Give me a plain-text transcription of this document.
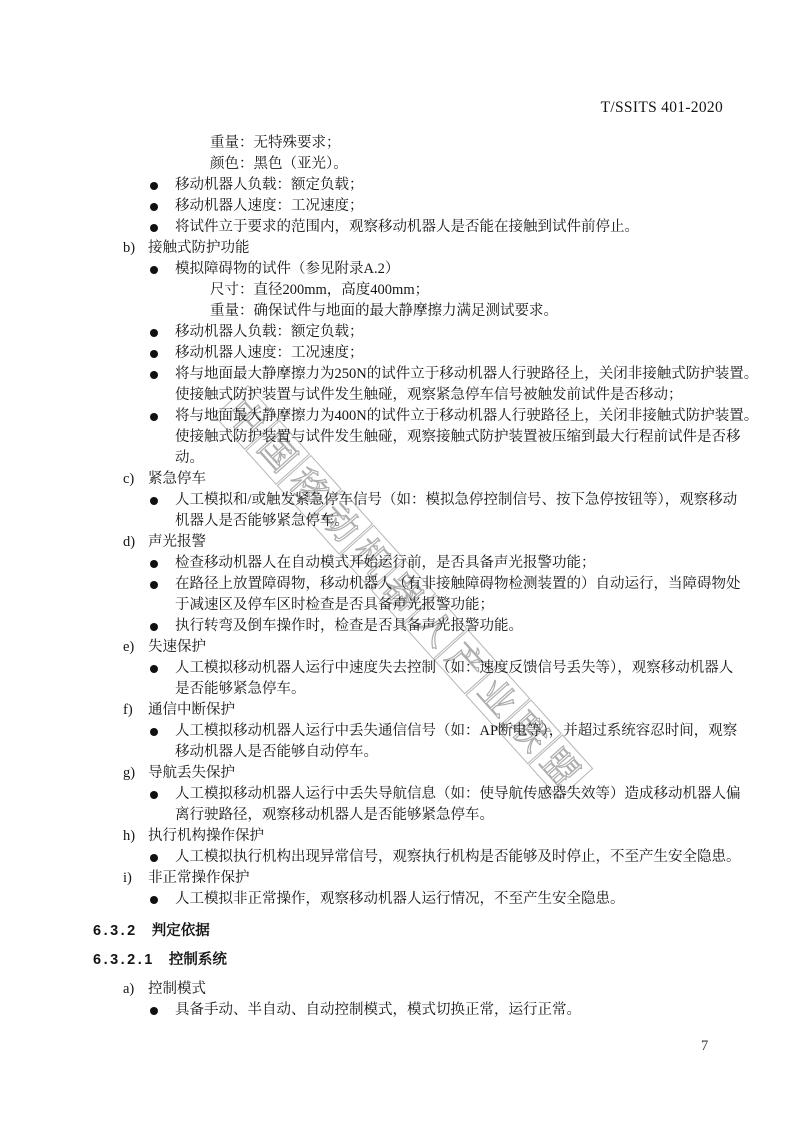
T/SSITS 401-2020
中国移动机器人产业联盟
重量：无特殊要求；
颜色：黑色（亚光）。
移动机器人负载：额定负载；
移动机器人速度：工况速度；
将试件立于要求的范围内，观察移动机器人是否能在接触到试件前停止。
b) 接触式防护功能
模拟障碍物的试件（参见附录A.2）
尺寸：直径200mm，高度400mm；
重量：确保试件与地面的最大静摩擦力满足测试要求。
移动机器人负载：额定负载；
移动机器人速度：工况速度；
将与地面最大静摩擦力为250N的试件立于移动机器人行驶路径上，关闭非接触式防护装置。
使接触式防护装置与试件发生触碰，观察紧急停车信号被触发前试件是否移动；
将与地面最大静摩擦力为400N的试件立于移动机器人行驶路径上，关闭非接触式防护装置。
使接触式防护装置与试件发生触碰，观察接触式防护装置被压缩到最大行程前试件是否移
动。
c) 紧急停车
人工模拟和/或触发紧急停车信号（如：模拟急停控制信号、按下急停按钮等），观察移动
机器人是否能够紧急停车。
d) 声光报警
检查移动机器人在自动模式开始运行前，是否具备声光报警功能；
在路径上放置障碍物，移动机器人（有非接触障碍物检测装置的）自动运行，当障碍物处
于减速区及停车区时检查是否具备声光报警功能；
执行转弯及倒车操作时，检查是否具备声光报警功能。
e) 失速保护
人工模拟移动机器人运行中速度失去控制（如：速度反馈信号丢失等），观察移动机器人
是否能够紧急停车。
f) 通信中断保护
人工模拟移动机器人运行中丢失通信信号（如：AP断电等），并超过系统容忍时间，观察
移动机器人是否能够自动停车。
g) 导航丢失保护
人工模拟移动机器人运行中丢失导航信息（如：使导航传感器失效等）造成移动机器人偏
离行驶路径，观察移动机器人是否能够紧急停车。
h) 执行机构操作保护
人工模拟执行机构出现异常信号，观察执行机构是否能够及时停止，不至产生安全隐患。
i) 非正常操作保护
人工模拟非正常操作，观察移动机器人运行情况，不至产生安全隐患。
6.3.2 判定依据
6.3.2.1 控制系统
a) 控制模式
具备手动、半自动、自动控制模式，模式切换正常，运行正常。
7
